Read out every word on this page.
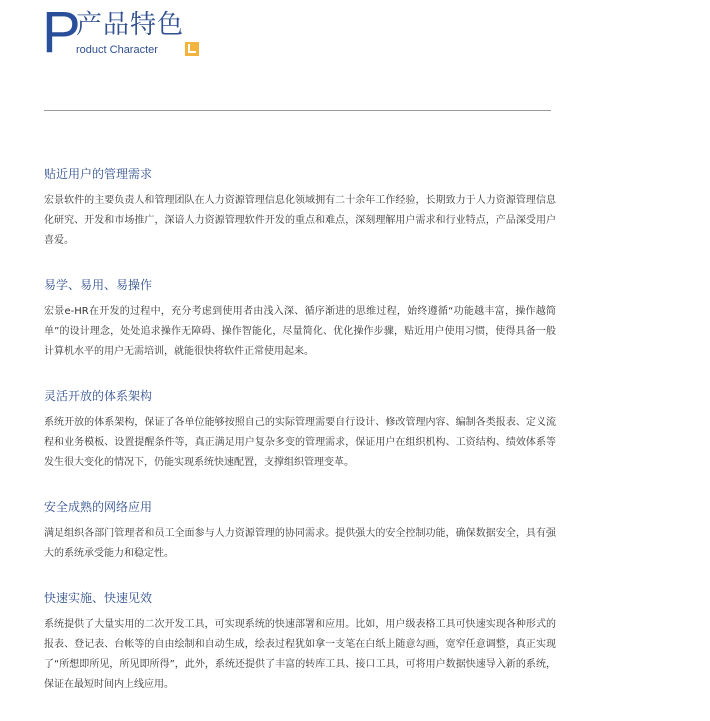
P
产品特色
roduct Character
贴近用户的管理需求

宏景软件的主要负责人和管理团队在人力资源管理信息化领域拥有二十余年工作经验，长期致力于人力资源管理信息化研究、开发和市场推广，深谙人力资源管理软件开发的重点和难点，深刻理解用户需求和行业特点，产品深受用户喜爱。

易学、易用、易操作

宏景e-HR在开发的过程中，充分考虑到使用者由浅入深、循序渐进的思维过程，始终遵循“功能越丰富，操作越简单”的设计理念，处处追求操作无障碍、操作智能化，尽量简化、优化操作步骤，贴近用户使用习惯，使得具备一般计算机水平的用户无需培训，就能很快将软件正常使用起来。

灵活开放的体系架构

系统开放的体系架构，保证了各单位能够按照自己的实际管理需要自行设计、修改管理内容、编制各类报表、定义流程和业务模板、设置提醒条件等，真正满足用户复杂多变的管理需求，保证用户在组织机构、工资结构、绩效体系等发生很大变化的情况下，仍能实现系统快速配置，支撑组织管理变革。

安全成熟的网络应用

满足组织各部门管理者和员工全面参与人力资源管理的协同需求。提供强大的安全控制功能，确保数据安全，具有强大的系统承受能力和稳定性。

快速实施、快速见效

系统提供了大量实用的二次开发工具，可实现系统的快速部署和应用。比如，用户级表格工具可快速实现各种形式的报表、登记表、台帐等的自由绘制和自动生成，绘表过程犹如拿一支笔在白纸上随意勾画，宽窄任意调整，真正实现了“所想即所见，所见即所得”，此外，系统还提供了丰富的转库工具、接口工具，可将用户数据快速导入新的系统，保证在最短时间内上线应用。
